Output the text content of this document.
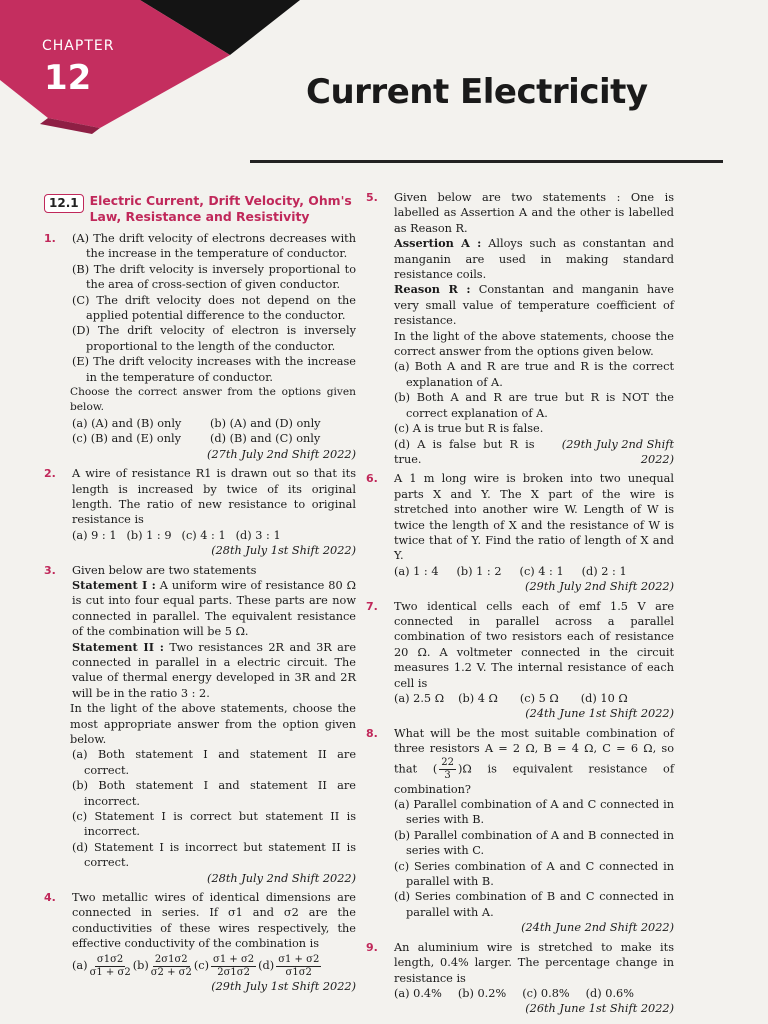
CHAPTER
12	Current Electricity
12.1 Electric Current, Drift Velocity, Ohm's Law, Resistance and Resistivity
1. (A) The drift velocity of electrons decreases with the increase in the temperature of conductor.
(B) The drift velocity is inversely proportional to the area of cross-section of given conductor.
(C) The drift velocity does not depend on the applied potential difference to the conductor.
(D) The drift velocity of electron is inversely proportional to the length of the conductor.
(E) The drift velocity increases with the increase in the temperature of conductor.
Choose the correct answer from the options given below.
(a) (A) and (B) only	(b) (A) and (D) only
(c) (B) and (E) only	(d) (B) and (C) only
(27th July 2nd Shift 2022)
2. A wire of resistance R1 is drawn out so that its length is increased by twice of its original length. The ratio of new resistance to original resistance is
(a) 9 : 1 (b) 1 : 9 (c) 4 : 1 (d) 3 : 1
(28th July 1st Shift 2022)
3. Given below are two statements
Statement I : A uniform wire of resistance 80 Ω is cut into four equal parts. These parts are now connected in parallel. The equivalent resistance of the combination will be 5 Ω.
Statement II : Two resistances 2R and 3R are connected in parallel in a electric circuit. The value of thermal energy developed in 3R and 2R will be in the ratio 3 : 2.
In the light of the above statements, choose the most appropriate answer from the option given below.
(a) Both statement I and statement II are correct.
(b) Both statement I and statement II are incorrect.
(c) Statement I is correct but statement II is incorrect.
(d) Statement I is incorrect but statement II is correct.
(28th July 2nd Shift 2022)
4. Two metallic wires of identical dimensions are connected in series. If σ1 and σ2 are the conductivities of these wires respectively, the effective conductivity of the combination is
$(a) \frac{\sigma 1\sigma 2}{\sigma 1 + \sigma 2} (b) \frac{2\sigma 1\sigma 2}{\sigma 2 + \sigma 2} (c) \frac{\sigma 1 + \sigma 2}{2\sigma 1\sigma 2} (d) \frac{\sigma 1 + \sigma 2}{\sigma 1\sigma 2}$
(29th July 1st Shift 2022)
5. Given below are two statements : One is labelled as Assertion A and the other is labelled as Reason R.
Assertion A : Alloys such as constantan and manganin are used in making standard resistance coils.
Reason R : Constantan and manganin have very small value of temperature coefficient of resistance.
In the light of the above statements, choose the correct answer from the options given below.
(a) Both A and R are true and R is the correct explanation of A.
(b) Both A and R are true but R is NOT the correct explanation of A.
(c) A is true but R is false.
(d) A is false but R is true.
(29th July 2nd Shift 2022)
6. A 1 m long wire is broken into two unequal parts X and Y. The X part of the wire is stretched into another wire W. Length of W is twice the length of X and the resistance of W is twice that of Y. Find the ratio of length of X and Y.
(a) 1 : 4 (b) 1 : 2 (c) 4 : 1 (d) 2 : 1
(29th July 2nd Shift 2022)
7. Two identical cells each of emf 1.5 V are connected in parallel across a parallel combination of two resistors each of resistance 20 Ω. A voltmeter connected in the circuit measures 1.2 V. The internal resistance of each cell is
(a) 2.5 Ω (b) 4 Ω (c) 5 Ω (d) 10 Ω
(24th June 1st Shift 2022)
8. What will be the most suitable combination of three resistors A = 2 Ω, B = 4 Ω, C = 6 Ω, so that ( $\frac{22}{3} )\Omega$ is equivalent resistance of combination?
(a) Parallel combination of A and C connected in series with B.
(b) Parallel combination of A and B connected in series with C.
(c) Series combination of A and C connected in parallel with B.
(d) Series combination of B and C connected in parallel with A.
(24th June 2nd Shift 2022)
9. An aluminium wire is stretched to make its length, 0.4% larger. The percentage change in resistance is
(a) 0.4% (b) 0.2% (c) 0.8% (d) 0.6%
(26th June 1st Shift 2022)
